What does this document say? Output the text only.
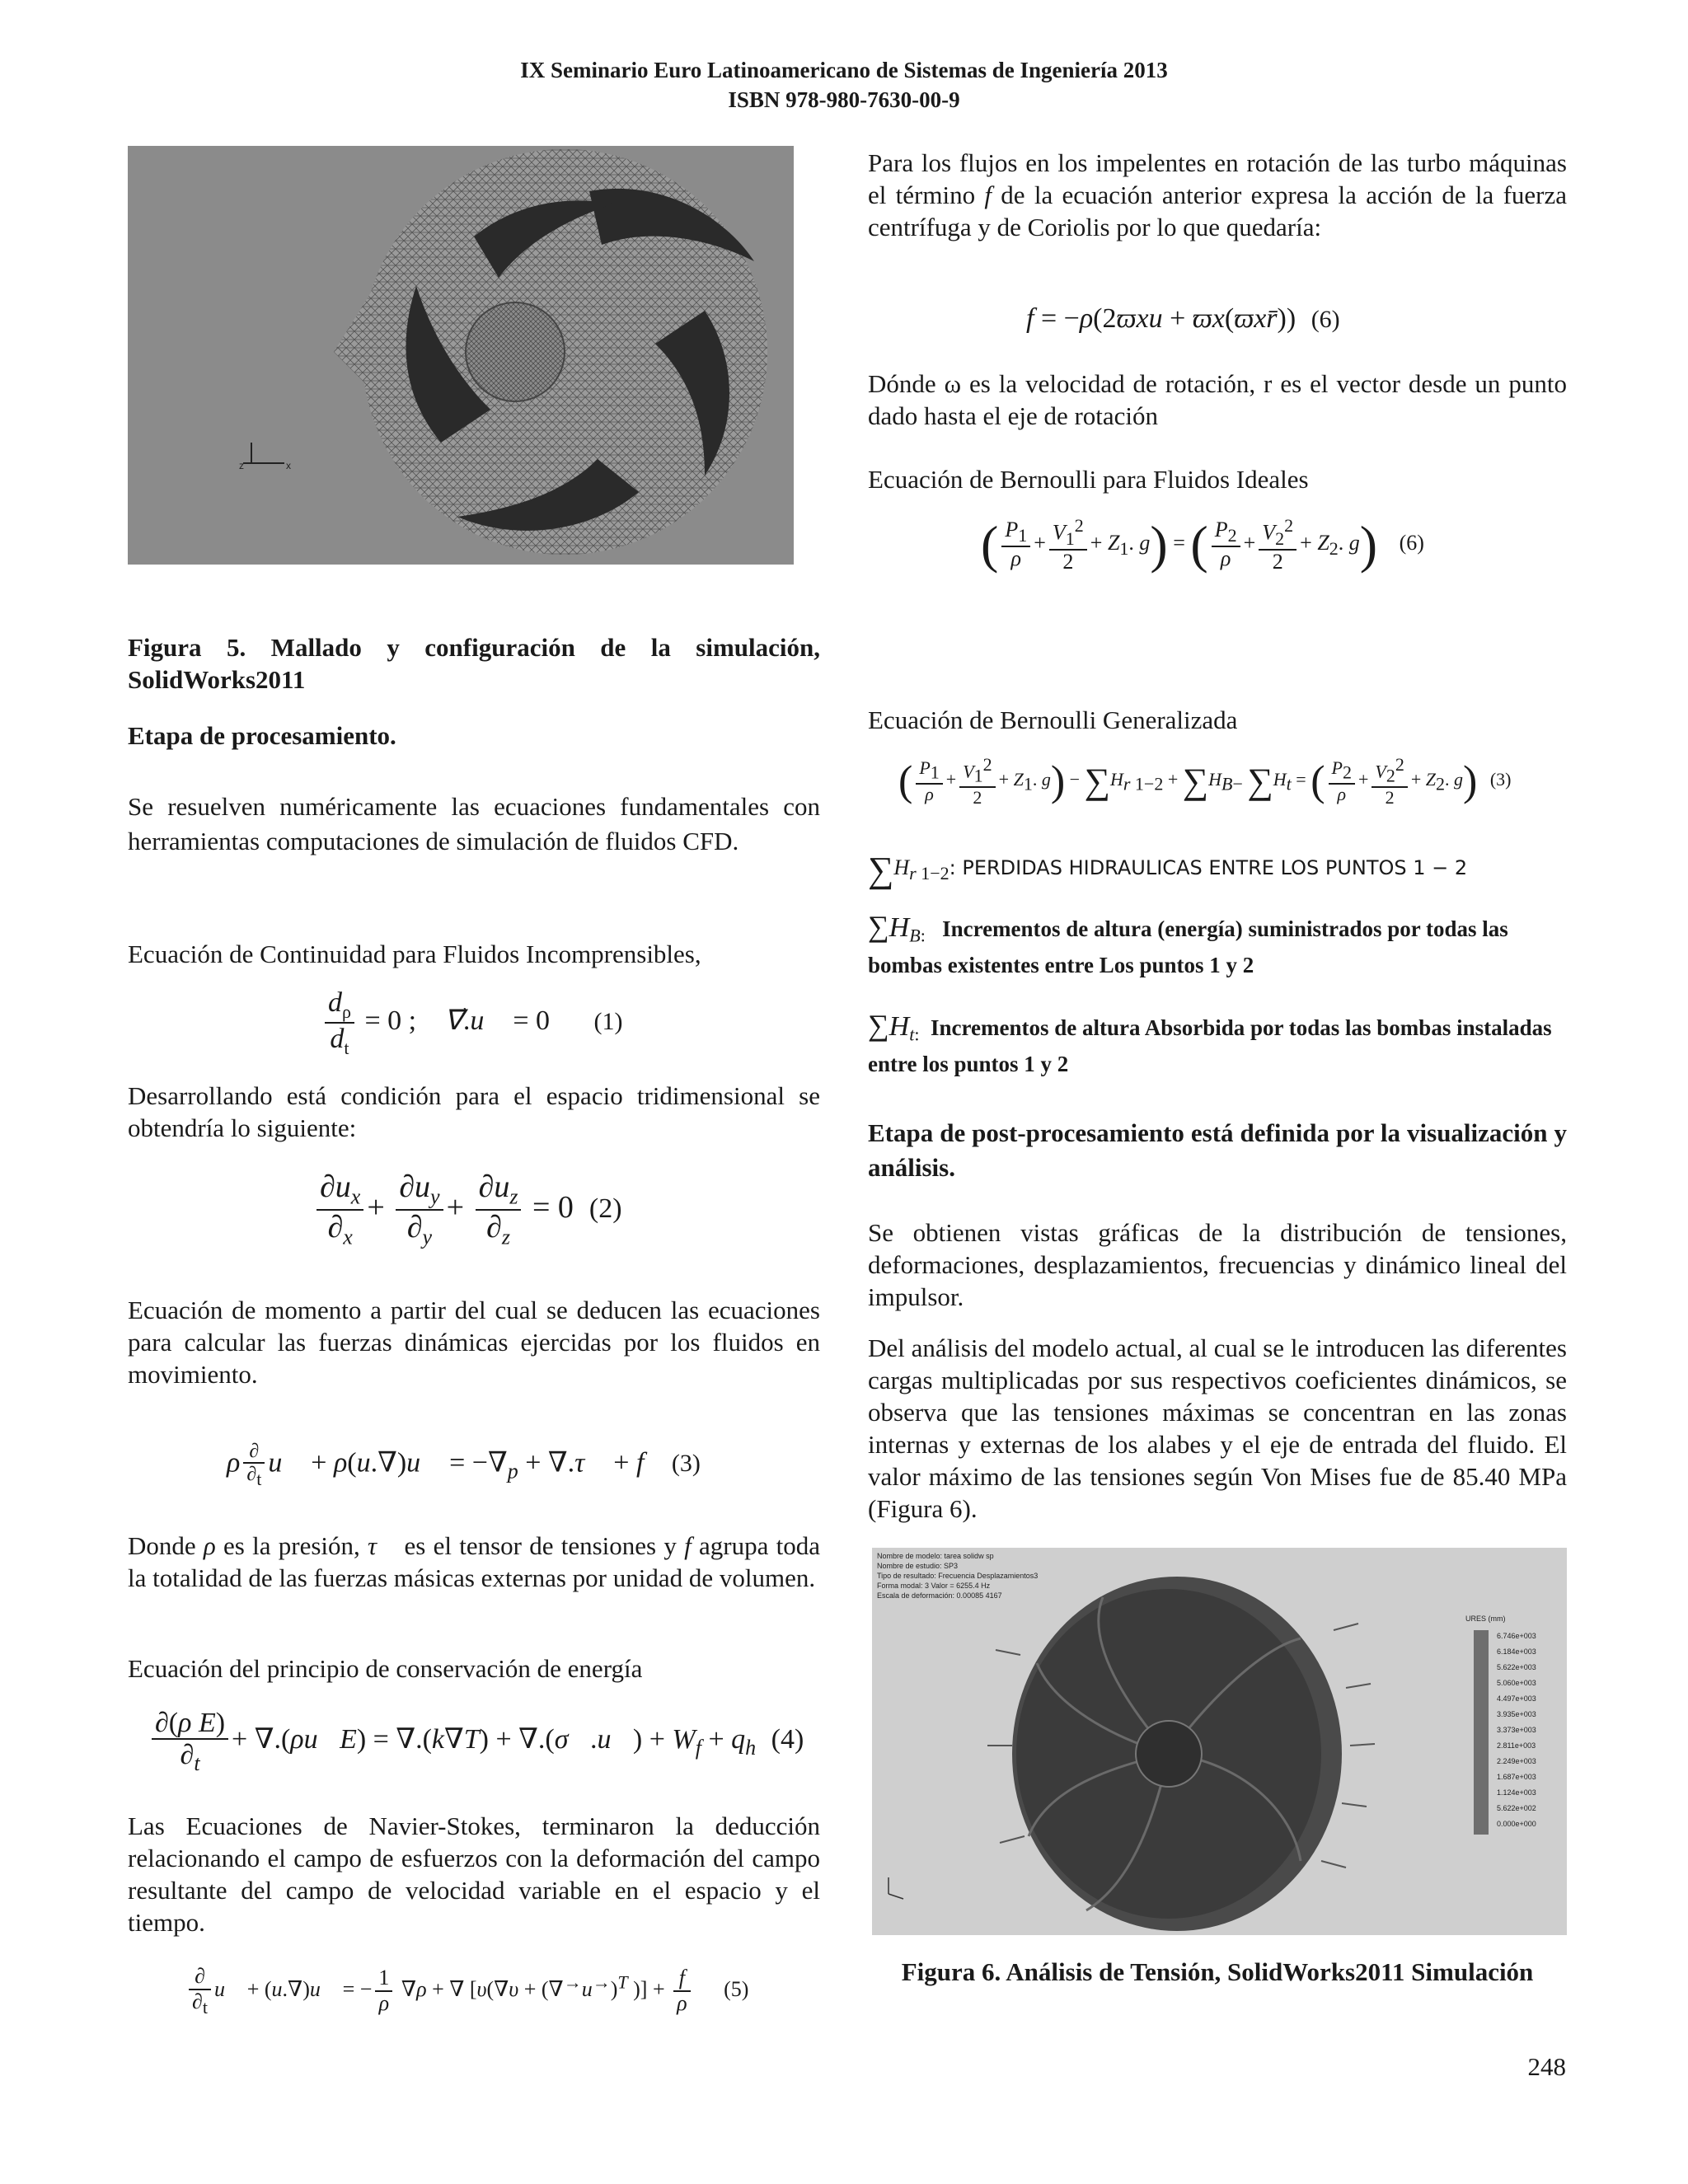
IX Seminario Euro Latinoamericano de Sistemas de Ingeniería 2013
ISBN 978-980-7630-00-9
z	x
Figura 5. Mallado y configuración de la simulación, SolidWorks2011
Etapa de procesamiento.
Se resuelven numéricamente las ecuaciones fundamentales con herramientas computaciones de simulación de fluidos CFD.
Ecuación de Continuidad para Fluidos Incomprensibles,
$\frac{d_\rho}{d_t} = 0$ ;    ∇⃗.u⃗ = 0 (1)
Desarrollando está condición para el espacio tridimensional se obtendría lo siguiente:
$\frac{\partial u_x}{\partial_x} + \frac{\partial u_y}{\partial_y} + \frac{\partial u_z}{\partial_z} = 0$  (2)
Ecuación de momento a partir del cual se deducen las ecuaciones para calcular las fuerzas dinámicas ejercidas por los fluidos en movimiento.
ρ $\frac{\partial}{\partial_t}$ u⃗ + ρ(u.∇)u⃗ = $-\nabla_p$ + ∇.τ⃗ + f (3)
Donde ρ es la presión, τ⃗ es el tensor de tensiones y f agrupa toda la totalidad de las fuerzas másicas externas por unidad de volumen.
Ecuación del principio de conservación de energía
$\frac{\text{∂(ρ E)}}{\partial_t}$ + ∇.(ρu⃗E) = ∇.(k∇T) + ∇.(σ⃗.u⃗) + $W_f + q_h$ (4)
Las Ecuaciones de Navier-Stokes, terminaron la deducción relacionando el campo de esfuerzos con la deformación del campo resultante del campo de velocidad variable en el espacio y el tiempo.
$\frac{\partial}{\partial_t}$ u⃗ + (u.∇)u⃗ = − $\frac{1}{\rho} \nabla\rho$ + ∇ [$\upsilon(\nabla\upsilon + (\nabla^\to u^\to)^T$ )] + $\frac{f}{\rho} (5)$
Para los flujos en los impelentes en rotación de las turbo máquinas el término f de la ecuación anterior expresa la acción de la fuerza centrífuga y de Coriolis por lo que quedaría:
f = −ρ(2ϖxu + ϖx(ϖxr̄)) (6)
Dónde ω es la velocidad de rotación, r es el vector desde un punto dado hasta el eje de rotación
Ecuación de Bernoulli para Fluidos Ideales
( $\frac{P_1}{\rho} + \frac{V_1^2}{2} + Z_1$. g) = ( $\frac{P_2}{\rho} + \frac{V_2^2}{2} + Z_2$. g) (6)
Ecuación de Bernoulli Generalizada
( $\frac{P_1}{\rho} + \frac{V_1^2}{2} + Z_1$. $g) - \sum H_{r 1-2} + \sum H_{B-}$ $\sum H_t$ = ( $\frac{P_2}{\rho} + \frac{V_2^2}{2} + Z_2$. g) (3)
$\sum H_{r 1-2}$: PERDIDAS HIDRAULICAS ENTRE LOS PUNTOS 1 − 2
$\sum H_{B:}$ Incrementos de altura (energía) suministrados por todas las bombas existentes entre Los puntos 1 y 2
$\sum H_{t:}$ Incrementos de altura Absorbida por todas las bombas instaladas entre los puntos 1 y 2
Etapa de post-procesamiento está definida por la visualización y análisis.
Se obtienen vistas gráficas de la distribución de tensiones, deformaciones, desplazamientos, frecuencias y dinámico lineal del impulsor.
Del análisis del modelo actual, al cual se le introducen las diferentes cargas multiplicadas por sus respectivos coeficientes dinámicos, se observa que las tensiones máximas se concentran en las zonas internas y externas de los alabes y el eje de entrada del fluido. El valor máximo de las tensiones según Von Mises fue de 85.40 MPa (Figura 6).
Nombre de modelo: tarea solidw sp
Nombre de estudio: SP3
Tipo de resultado: Frecuencia Desplazamientos3
Forma modal: 3 Valor = 6255.4 Hz
Escala de deformación: 0.00085 4167
URES (mm)
6.746e+003
6.184e+003
5.622e+003
5.060e+003
4.497e+003
3.935e+003
3.373e+003
2.811e+003
2.249e+003
1.687e+003
1.124e+003
5.622e+002
0.000e+000
Figura 6. Análisis de Tensión, SolidWorks2011 Simulación
248
